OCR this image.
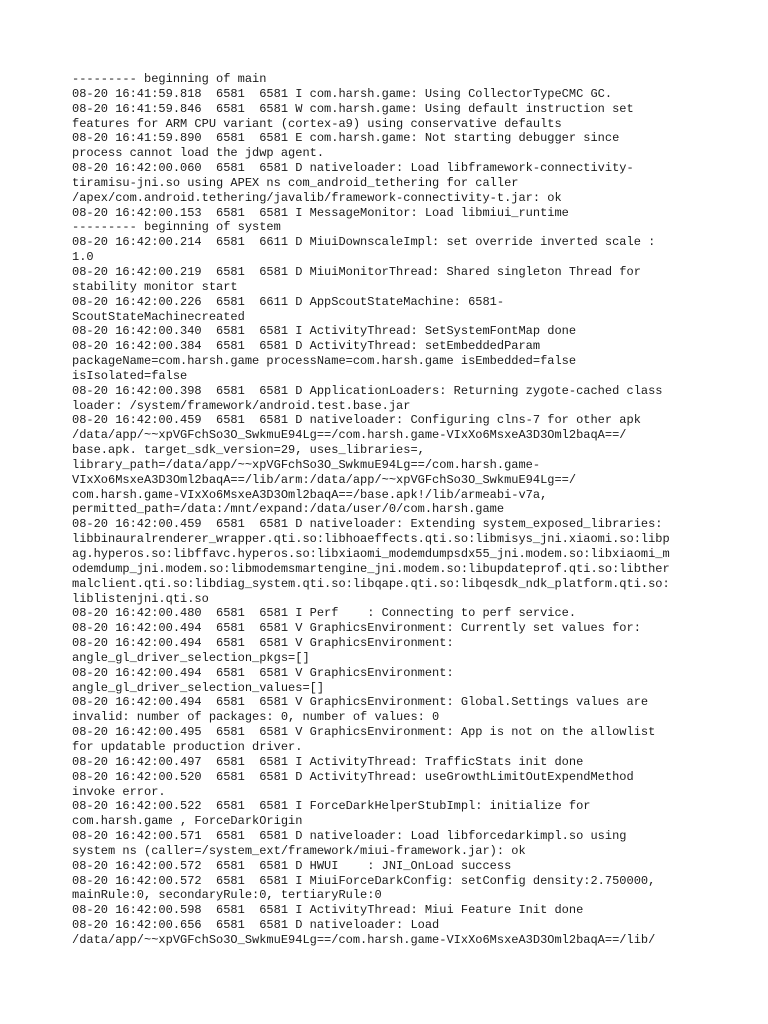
--------- beginning of main
08-20 16:41:59.818  6581  6581 I com.harsh.game: Using CollectorTypeCMC GC.
08-20 16:41:59.846  6581  6581 W com.harsh.game: Using default instruction set
features for ARM CPU variant (cortex-a9) using conservative defaults
08-20 16:41:59.890  6581  6581 E com.harsh.game: Not starting debugger since
process cannot load the jdwp agent.
08-20 16:42:00.060  6581  6581 D nativeloader: Load libframework-connectivity-
tiramisu-jni.so using APEX ns com_android_tethering for caller
/apex/com.android.tethering/javalib/framework-connectivity-t.jar: ok
08-20 16:42:00.153  6581  6581 I MessageMonitor: Load libmiui_runtime
--------- beginning of system
08-20 16:42:00.214  6581  6611 D MiuiDownscaleImpl: set override inverted scale :
1.0
08-20 16:42:00.219  6581  6581 D MiuiMonitorThread: Shared singleton Thread for
stability monitor start
08-20 16:42:00.226  6581  6611 D AppScoutStateMachine: 6581-
ScoutStateMachinecreated
08-20 16:42:00.340  6581  6581 I ActivityThread: SetSystemFontMap done
08-20 16:42:00.384  6581  6581 D ActivityThread: setEmbeddedParam
packageName=com.harsh.game processName=com.harsh.game isEmbedded=false
isIsolated=false
08-20 16:42:00.398  6581  6581 D ApplicationLoaders: Returning zygote-cached class
loader: /system/framework/android.test.base.jar
08-20 16:42:00.459  6581  6581 D nativeloader: Configuring clns-7 for other apk
/data/app/~~xpVGFchSo3O_SwkmuE94Lg==/com.harsh.game-VIxXo6MsxeA3D3Oml2baqA==/
base.apk. target_sdk_version=29, uses_libraries=,
library_path=/data/app/~~xpVGFchSo3O_SwkmuE94Lg==/com.harsh.game-
VIxXo6MsxeA3D3Oml2baqA==/lib/arm:/data/app/~~xpVGFchSo3O_SwkmuE94Lg==/
com.harsh.game-VIxXo6MsxeA3D3Oml2baqA==/base.apk!/lib/armeabi-v7a,
permitted_path=/data:/mnt/expand:/data/user/0/com.harsh.game
08-20 16:42:00.459  6581  6581 D nativeloader: Extending system_exposed_libraries:
libbinauralrenderer_wrapper.qti.so:libhoaeffects.qti.so:libmisys_jni.xiaomi.so:libp
ag.hyperos.so:libffavc.hyperos.so:libxiaomi_modemdumpsdx55_jni.modem.so:libxiaomi_m
odemdump_jni.modem.so:libmodemsmartengine_jni.modem.so:libupdateprof.qti.so:libther
malclient.qti.so:libdiag_system.qti.so:libqape.qti.so:libqesdk_ndk_platform.qti.so:
liblistenjni.qti.so
08-20 16:42:00.480  6581  6581 I Perf    : Connecting to perf service.
08-20 16:42:00.494  6581  6581 V GraphicsEnvironment: Currently set values for:
08-20 16:42:00.494  6581  6581 V GraphicsEnvironment:
angle_gl_driver_selection_pkgs=[]
08-20 16:42:00.494  6581  6581 V GraphicsEnvironment:
angle_gl_driver_selection_values=[]
08-20 16:42:00.494  6581  6581 V GraphicsEnvironment: Global.Settings values are
invalid: number of packages: 0, number of values: 0
08-20 16:42:00.495  6581  6581 V GraphicsEnvironment: App is not on the allowlist
for updatable production driver.
08-20 16:42:00.497  6581  6581 I ActivityThread: TrafficStats init done
08-20 16:42:00.520  6581  6581 D ActivityThread: useGrowthLimitOutExpendMethod
invoke error.
08-20 16:42:00.522  6581  6581 I ForceDarkHelperStubImpl: initialize for
com.harsh.game , ForceDarkOrigin
08-20 16:42:00.571  6581  6581 D nativeloader: Load libforcedarkimpl.so using
system ns (caller=/system_ext/framework/miui-framework.jar): ok
08-20 16:42:00.572  6581  6581 D HWUI    : JNI_OnLoad success
08-20 16:42:00.572  6581  6581 I MiuiForceDarkConfig: setConfig density:2.750000,
mainRule:0, secondaryRule:0, tertiaryRule:0
08-20 16:42:00.598  6581  6581 I ActivityThread: Miui Feature Init done
08-20 16:42:00.656  6581  6581 D nativeloader: Load
/data/app/~~xpVGFchSo3O_SwkmuE94Lg==/com.harsh.game-VIxXo6MsxeA3D3Oml2baqA==/lib/
